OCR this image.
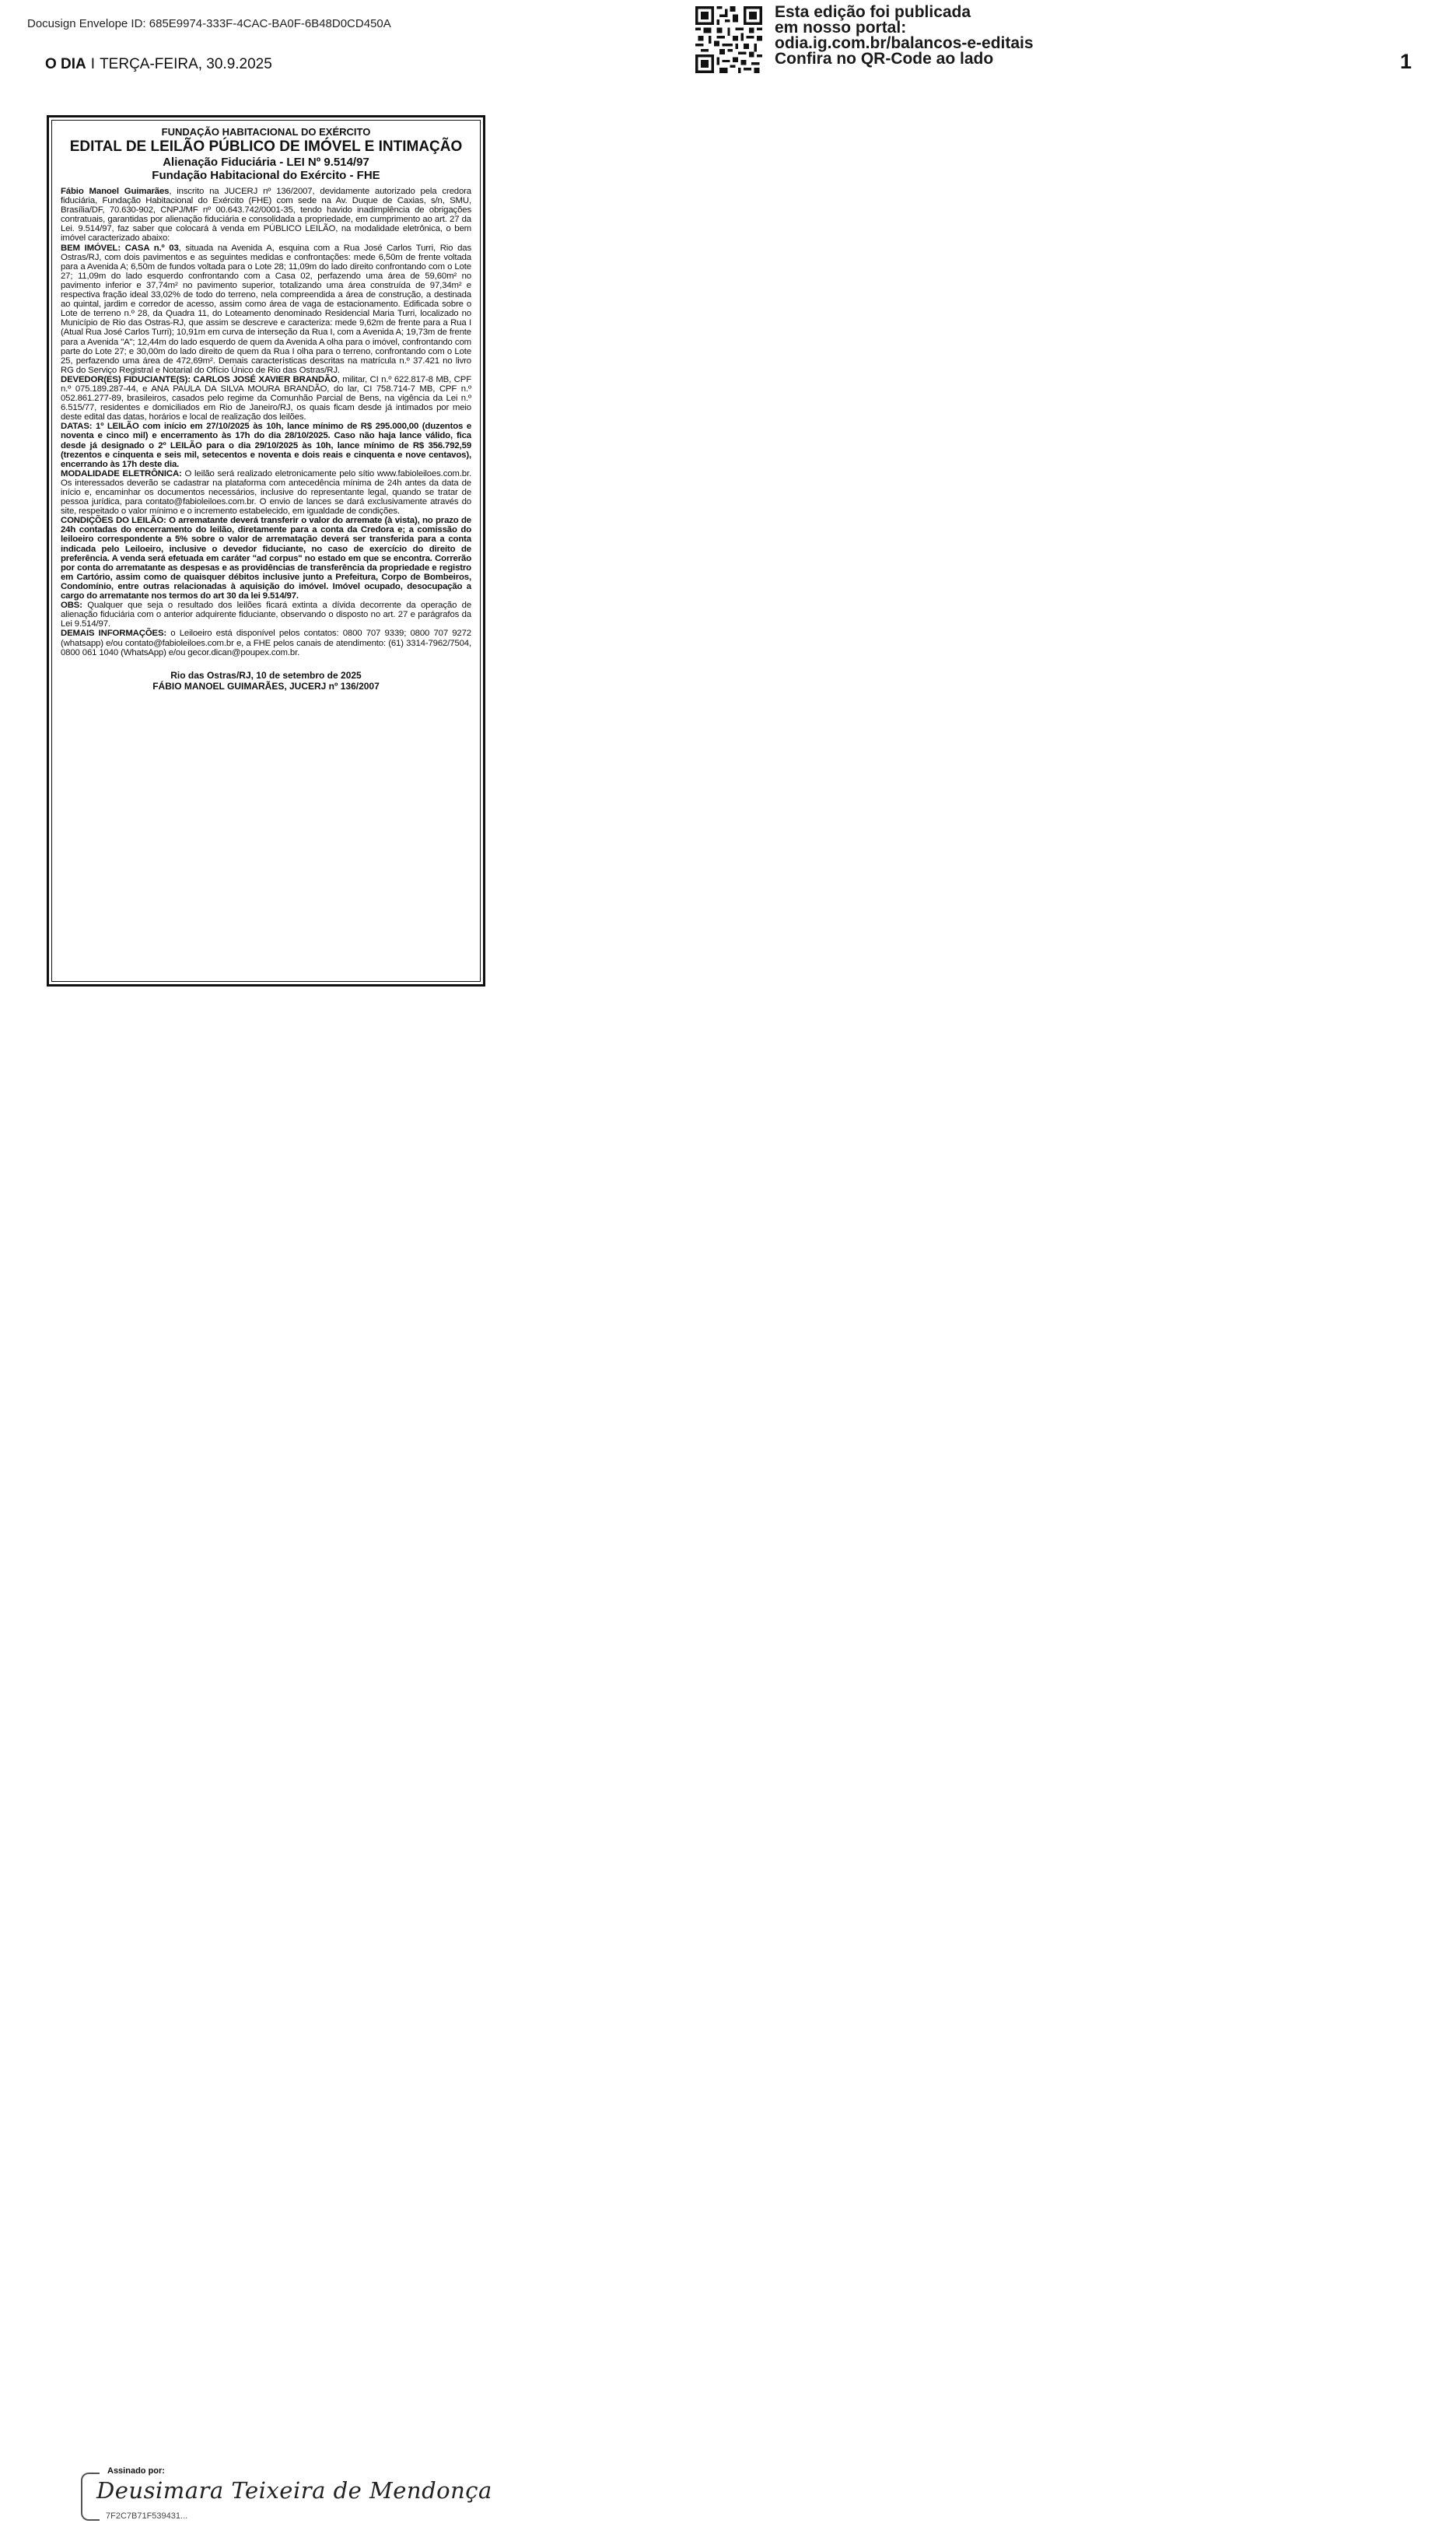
Docusign Envelope ID: 685E9974-333F-4CAC-BA0F-6B48D0CD450A
O DIA I TERÇA-FEIRA, 30.9.2025
Esta edição foi publicada
em nosso portal:
odia.ig.com.br/balancos-e-editais
Confira no QR-Code ao lado	1
FUNDAÇÃO HABITACIONAL DO EXÉRCITO
EDITAL DE LEILÃO PÚBLICO DE IMÓVEL E INTIMAÇÃO
Alienação Fiduciária - LEI Nº 9.514/97
Fundação Habitacional do Exército - FHE

Fábio Manoel Guimarães, inscrito na JUCERJ nº 136/2007, devidamente autorizado pela credora fiduciária, Fundação Habitacional do Exército (FHE) com sede na Av. Duque de Caxias, s/n, SMU, Brasília/DF, 70.630-902, CNPJ/MF nº 00.643.742/0001-35, tendo havido inadimplência de obrigações contratuais, garantidas por alienação fiduciária e consolidada a propriedade, em cumprimento ao art. 27 da Lei. 9.514/97, faz saber que colocará à venda em PÚBLICO LEILÃO, na modalidade eletrônica, o bem imóvel caracterizado abaixo:

BEM IMÓVEL: CASA n.º 03, situada na Avenida A, esquina com a Rua José Carlos Turri, Rio das Ostras/RJ, com dois pavimentos e as seguintes medidas e confrontações: mede 6,50m de frente voltada para a Avenida A; 6,50m de fundos voltada para o Lote 28; 11,09m do lado direito confrontando com o Lote 27; 11,09m do lado esquerdo confrontando com a Casa 02, perfazendo uma área de 59,60m² no pavimento inferior e 37,74m² no pavimento superior, totalizando uma área construída de 97,34m² e respectiva fração ideal 33,02% de todo do terreno, nela compreendida a área de construção, a destinada ao quintal, jardim e corredor de acesso, assim como área de vaga de estacionamento. Edificada sobre o Lote de terreno n.º 28, da Quadra 11, do Loteamento denominado Residencial Maria Turri, localizado no Município de Rio das Ostras-RJ, que assim se descreve e caracteriza: mede 9,62m de frente para a Rua I (Atual Rua José Carlos Turri); 10,91m em curva de interseção da Rua I, com a Avenida A; 19,73m de frente para a Avenida "A"; 12,44m do lado esquerdo de quem da Avenida A olha para o imóvel, confrontando com parte do Lote 27; e 30,00m do lado direito de quem da Rua I olha para o terreno, confrontando com o Lote 25, perfazendo uma área de 472,69m². Demais características descritas na matrícula n.º 37.421 no livro RG do Serviço Registral e Notarial do Ofício Único de Rio das Ostras/RJ.

DEVEDOR(ES) FIDUCIANTE(S): CARLOS JOSÉ XAVIER BRANDÃO, militar, CI n.º 622.817-8 MB, CPF n.º 075.189.287-44, e ANA PAULA DA SILVA MOURA BRANDÃO, do lar, CI 758.714-7 MB, CPF n.º 052.861.277-89, brasileiros, casados pelo regime da Comunhão Parcial de Bens, na vigência da Lei n.º 6.515/77, residentes e domiciliados em Rio de Janeiro/RJ, os quais ficam desde já intimados por meio deste edital das datas, horários e local de realização dos leilões.

DATAS: 1º LEILÃO com início em 27/10/2025 às 10h, lance mínimo de R$ 295.000,00 (duzentos e noventa e cinco mil) e encerramento às 17h do dia 28/10/2025. Caso não haja lance válido, fica desde já designado o 2º LEILÃO para o dia 29/10/2025 às 10h, lance mínimo de R$ 356.792,59 (trezentos e cinquenta e seis mil, setecentos e noventa e dois reais e cinquenta e nove centavos), encerrando às 17h deste dia.

MODALIDADE ELETRÔNICA: O leilão será realizado eletronicamente pelo sítio www.fabioleiloes.com.br. Os interessados deverão se cadastrar na plataforma com antecedência mínima de 24h antes da data de início e, encaminhar os documentos necessários, inclusive do representante legal, quando se tratar de pessoa jurídica, para contato@fabioleiloes.com.br. O envio de lances se dará exclusivamente através do site, respeitado o valor mínimo e o incremento estabelecido, em igualdade de condições.

CONDIÇÕES DO LEILÃO: O arrematante deverá transferir o valor do arremate (à vista), no prazo de 24h contadas do encerramento do leilão, diretamente para a conta da Credora e; a comissão do leiloeiro correspondente a 5% sobre o valor de arrematação deverá ser transferida para a conta indicada pelo Leiloeiro, inclusive o devedor fiduciante, no caso de exercício do direito de preferência. A venda será efetuada em caráter "ad corpus" no estado em que se encontra. Correrão por conta do arrematante as despesas e as providências de transferência da propriedade e registro em Cartório, assim como de quaisquer débitos inclusive junto a Prefeitura, Corpo de Bombeiros, Condomínio, entre outras relacionadas à aquisição do imóvel. Imóvel ocupado, desocupação a cargo do arrematante nos termos do art 30 da lei 9.514/97.

OBS: Qualquer que seja o resultado dos leilões ficará extinta a dívida decorrente da operação de alienação fiduciária com o anterior adquirente fiduciante, observando o disposto no art. 27 e parágrafos da Lei 9.514/97.

DEMAIS INFORMAÇÕES: o Leiloeiro está disponível pelos contatos: 0800 707 9339; 0800 707 9272 (whatsapp) e/ou contato@fabioleiloes.com.br e, a FHE pelos canais de atendimento: (61) 3314-7962/7504, 0800 061 1040 (WhatsApp) e/ou gecor.dican@poupex.com.br.

Rio das Ostras/RJ, 10 de setembro de 2025
FÁBIO MANOEL GUIMARÃES, JUCERJ nº 136/2007
Assinado por:
Deusimara Teixeira de Mendonça
7F2C7B71F539431...
